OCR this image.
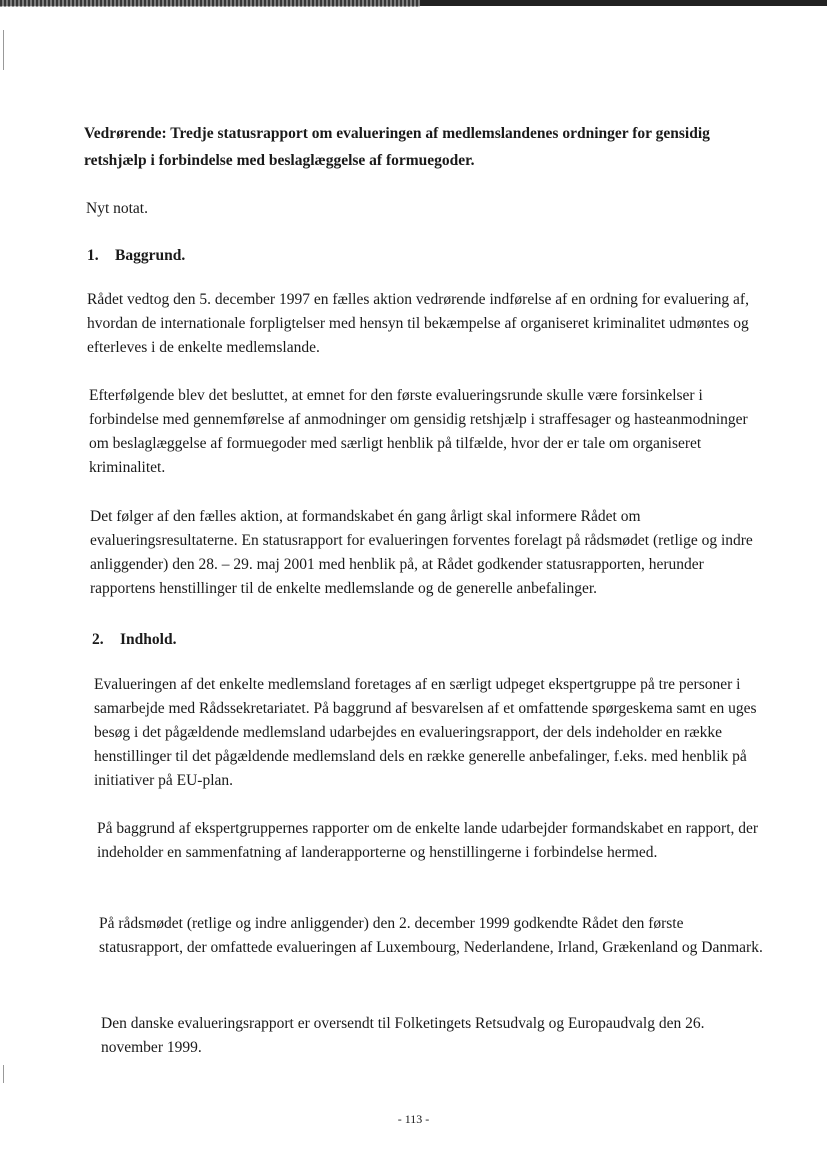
Vedrørende: Tredje statusrapport om evalueringen af medlemslandenes ordninger for gensidig retshjælp i forbindelse med beslaglæggelse af formuegoder.

Nyt notat.

1. Baggrund.

Rådet vedtog den 5. december 1997 en fælles aktion vedrørende indførelse af en ordning for evaluering af, hvordan de internationale forpligtelser med hensyn til bekæmpelse af organiseret kriminalitet udmøntes og efterleves i de enkelte medlemslande.

Efterfølgende blev det besluttet, at emnet for den første evalueringsrunde skulle være forsinkelser i forbindelse med gennemførelse af anmodninger om gensidig retshjælp i straffesager og hasteanmodninger om beslaglæggelse af formuegoder med særligt henblik på tilfælde, hvor der er tale om organiseret kriminalitet.

Det følger af den fælles aktion, at formandskabet én gang årligt skal informere Rådet om evalueringsresultaterne. En statusrapport for evalueringen forventes forelagt på rådsmødet (retlige og indre anliggender) den 28. – 29. maj 2001 med henblik på, at Rådet godkender statusrapporten, herunder rapportens henstillinger til de enkelte medlemslande og de generelle anbefalinger.

2. Indhold.

Evalueringen af det enkelte medlemsland foretages af en særligt udpeget ekspertgruppe på tre personer i samarbejde med Rådssekretariatet. På baggrund af besvarelsen af et omfattende spørgeskema samt en uges besøg i det pågældende medlemsland udarbejdes en evalueringsrapport, der dels indeholder en række henstillinger til det pågældende medlemsland dels en række generelle anbefalinger, f.eks. med henblik på initiativer på EU-plan.

På baggrund af ekspertgruppernes rapporter om de enkelte lande udarbejder formandskabet en rapport, der indeholder en sammenfatning af landerapporterne og henstillingerne i forbindelse hermed.

På rådsmødet (retlige og indre anliggender) den 2. december 1999 godkendte Rådet den første statusrapport, der omfattede evalueringen af Luxembourg, Nederlandene, Irland, Grækenland og Danmark.

Den danske evalueringsrapport er oversendt til Folketingets Retsudvalg og Europaudvalg den 26. november 1999.

- 113 -
